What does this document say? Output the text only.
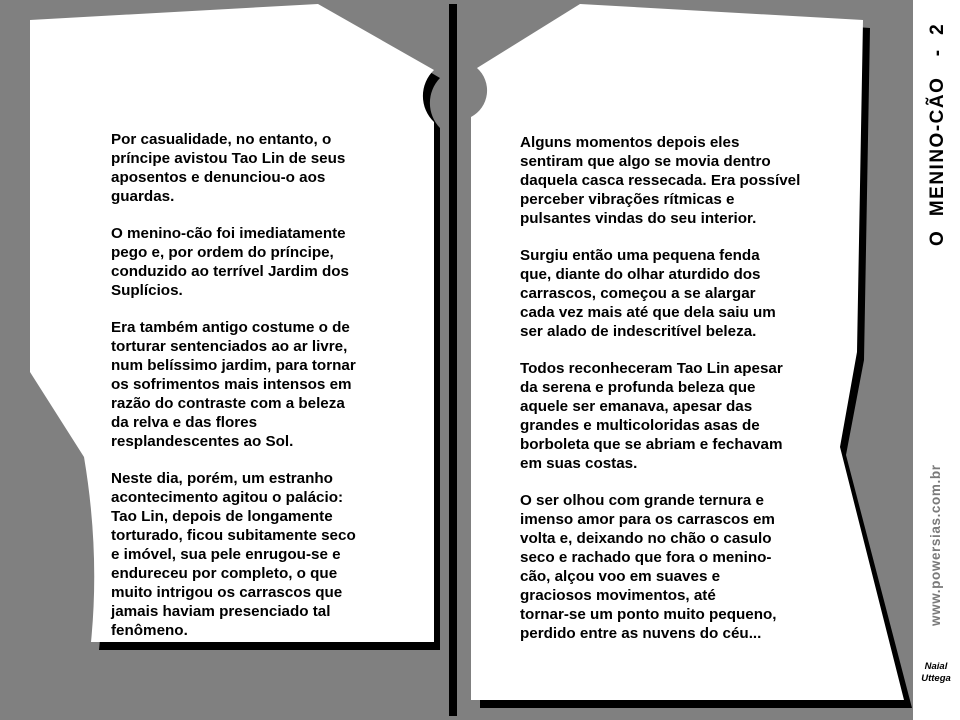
Por casualidade, no entanto, o
príncipe avistou Tao Lin de seus
aposentos e denunciou-o aos
guardas.

O menino-cão foi imediatamente
pego e, por ordem do príncipe,
conduzido ao terrível Jardim dos
Suplícios.

Era também antigo costume o de
torturar sentenciados ao ar livre,
num belíssimo jardim, para tornar
os sofrimentos mais intensos em
razão do contraste com a beleza
da relva e das flores
resplandescentes ao Sol.

Neste dia, porém, um estranho
acontecimento agitou o palácio:
Tao Lin, depois de longamente
torturado, ficou subitamente seco
e imóvel, sua pele enrugou-se e
endureceu por completo, o que
muito intrigou os carrascos que
jamais haviam presenciado tal
fenômeno.

Alguns momentos depois eles
sentiram que algo se movia dentro
daquela casca ressecada. Era possível
perceber vibrações rítmicas e
pulsantes vindas do seu interior.

Surgiu então uma pequena fenda
que, diante do olhar aturdido dos
carrascos, começou a se alargar
cada vez mais até que dela saiu um
ser alado de indescritível beleza.

Todos reconheceram Tao Lin apesar
da serena e profunda beleza que
aquele ser emanava, apesar das
grandes e multicoloridas asas de
borboleta que se abriam e fechavam
em suas costas.

O ser olhou com grande ternura e
imenso amor para os carrascos em
volta e, deixando no chão o casulo
seco e rachado que fora o menino-
cão, alçou voo em suaves e
graciosos movimentos, até
tornar-se um ponto muito pequeno,
perdido entre as nuvens do céu...

O  MENINO-CÃO   -  2
www.powersias.com.br
Naial
Uttega
